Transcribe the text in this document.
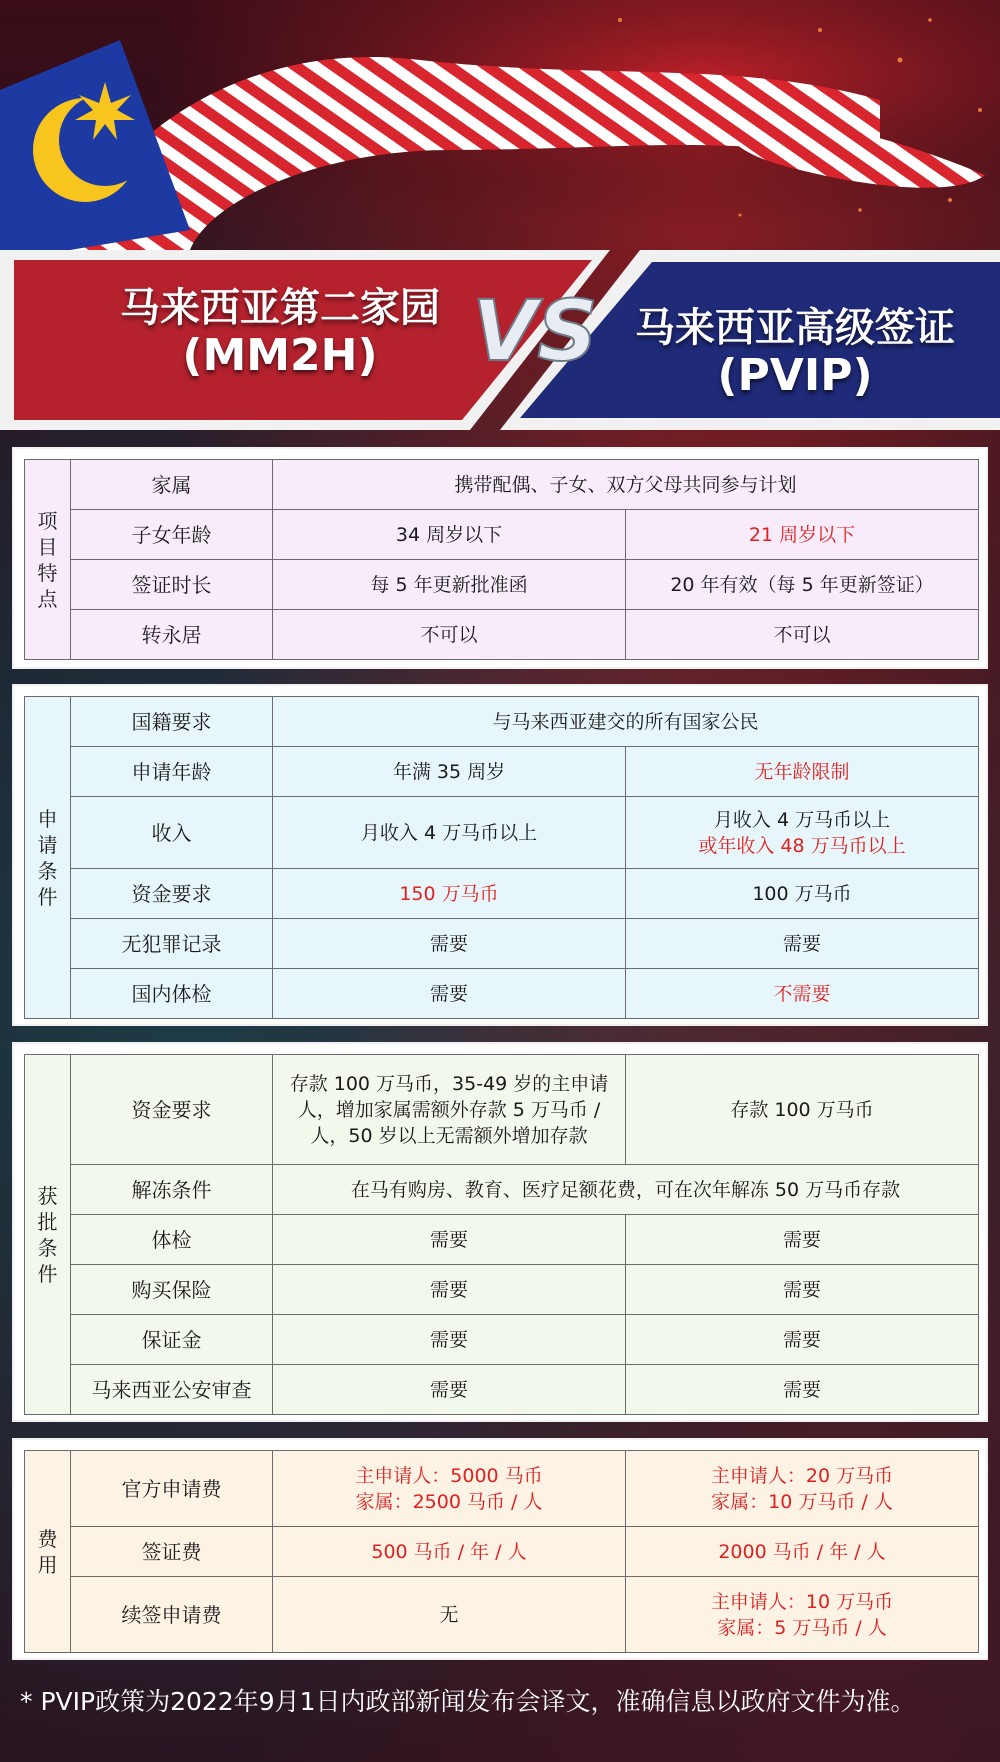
VS
马来西亚第二家园
(MM2H)
马来西亚高级签证
(PVIP)
项
目
特
点	家属	携带配偶、子女、双方父母共同参与计划	
	子女年龄	34 周岁以下	21 周岁以下
	签证时长	每 5 年更新批准函	20 年有效（每 5 年更新签证）
	转永居	不可以	不可以
申
请
条
件	国籍要求	与马来西亚建交的所有国家公民	
	申请年龄	年满 35 周岁	无年龄限制
	收入	月收入 4 万马币以上	月收入 4 万马币以上
或年收入 48 万马币以上

	资金要求	150 万马币	100 万马币
	无犯罪记录	需要	需要
	国内体检	需要	不需要
获
批
条
件	资金要求	存款 100 万马币，35-49 岁的主申请人，增加家属需额外存款 5 万马币 / 人，50 岁以上无需额外增加存款	存款 100 万马币
	解冻条件	在马有购房、教育、医疗足额花费，可在次年解冻 50 万马币存款	
	体检	需要	需要
	购买保险	需要	需要
	保证金	需要	需要
	马来西亚公安审查	需要	需要
费
用	官方申请费	主申请人：5000 马币
家属：2500 马币 / 人	主申请人：20 万马币
家属：10 万马币 / 人

	签证费	500 马币 / 年 / 人	2000 马币 / 年 / 人
	续签申请费	无	主申请人：10 万马币
家属：5 万马币 / 人
* PVIP政策为2022年9月1日内政部新闻发布会译文，准确信息以政府文件为准。
